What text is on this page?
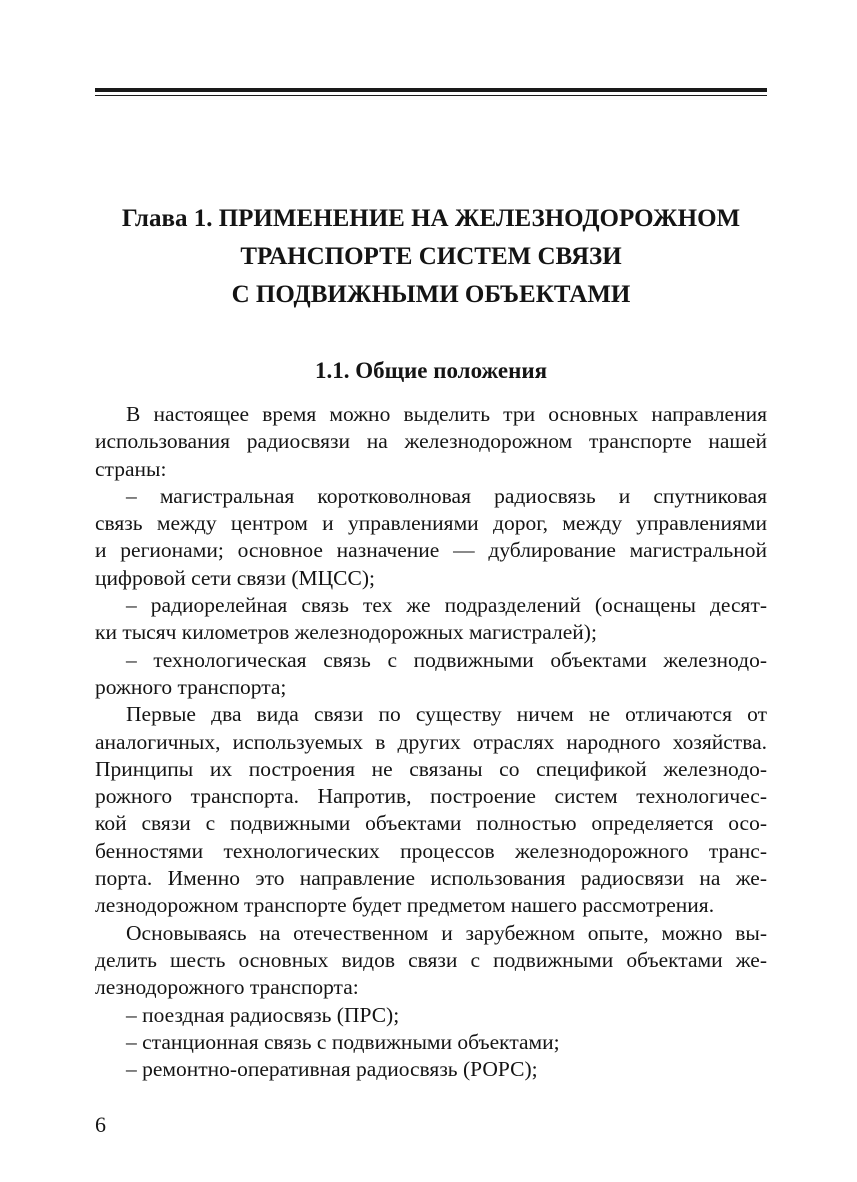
Глава 1. ПРИМЕНЕНИЕ НА ЖЕЛЕЗНОДОРОЖНОМ
ТРАНСПОРТЕ СИСТЕМ СВЯЗИ
С ПОДВИЖНЫМИ ОБЪЕКТАМИ
1.1. Общие положения
В настоящее время можно выделить три основных направления
использования радиосвязи на железнодорожном транспорте нашей
страны:
– магистральная коротковолновая радиосвязь и спутниковая
связь между центром и управлениями дорог, между управлениями
и регионами; основное назначение — дублирование магистральной
цифровой сети связи (МЦСС);
– радиорелейная связь тех же подразделений (оснащены десят-
ки тысяч километров железнодорожных магистралей);
– технологическая связь с подвижными объектами железнодо-
рожного транспорта;
Первые два вида связи по существу ничем не отличаются от
аналогичных, используемых в других отраслях народного хозяйства.
Принципы их построения не связаны со спецификой железнодо-
рожного транспорта. Напротив, построение систем технологичес-
кой связи с подвижными объектами полностью определяется осо-
бенностями технологических процессов железнодорожного транс-
порта. Именно это направление использования радиосвязи на же-
лезнодорожном транспорте будет предметом нашего рассмотрения.
Основываясь на отечественном и зарубежном опыте, можно вы-
делить шесть основных видов связи с подвижными объектами же-
лезнодорожного транспорта:
– поездная радиосвязь (ПРС);
– станционная связь с подвижными объектами;
– ремонтно-оперативная радиосвязь (РОРС);
6
